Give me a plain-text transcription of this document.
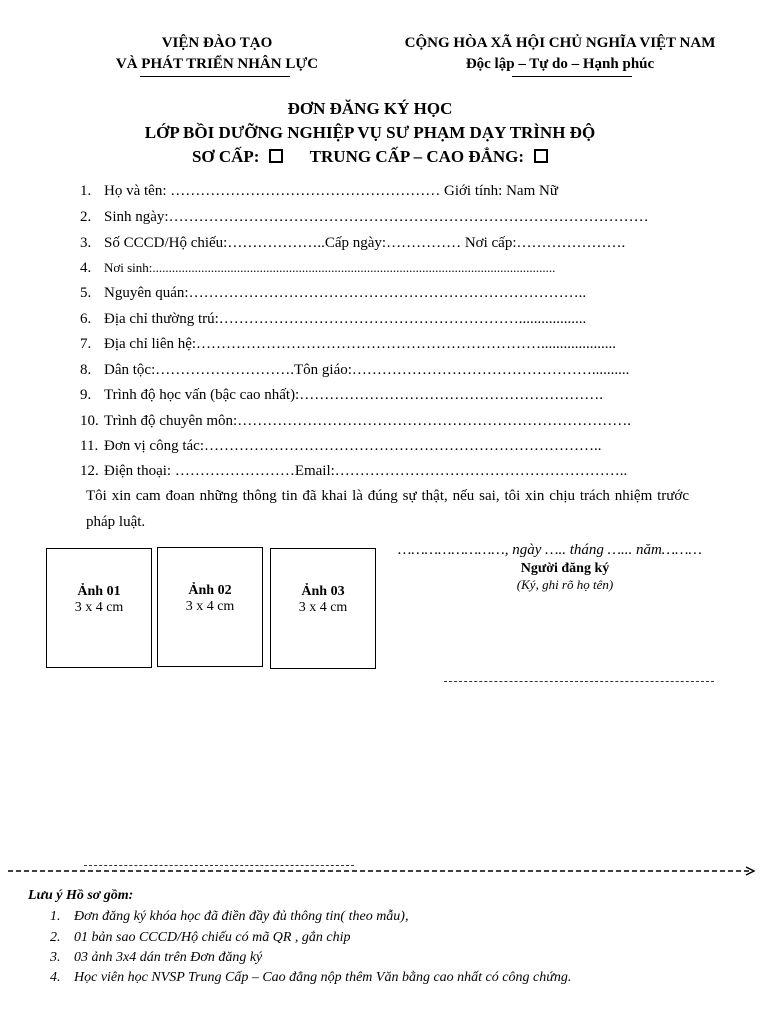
VIỆN ĐÀO TẠO
VÀ PHÁT TRIỂN NHÂN LỰC
CỘNG HÒA XÃ HỘI CHỦ NGHĨA VIỆT NAM
Độc lập – Tự do – Hạnh phúc
ĐƠN ĐĂNG KÝ HỌC
LỚP BỒI DƯỠNG NGHIỆP VỤ SƯ PHẠM DẠY TRÌNH ĐỘ
SƠ CẤP:	TRUNG CẤP – CAO ĐẲNG:
1. Họ và tên: ……………………………………………… Giới tính: Nam Nữ
2. Sinh ngày:……………………………………………………………………………………
3. Số CCCD/Hộ chiếu:………………..Cấp ngày:…………… Nơi cấp:………………….
4. Nơi sinh:............................................................................................................................
5. Nguyên quán:……………………………………………………………………..
6. Địa chỉ thường trú:……………………………………………………..................
7. Địa chỉ liên hệ:……………………………………………………………....................
8. Dân tộc:……………………….Tôn giáo:…………………………………………..........
9. Trình độ học vấn (bậc cao nhất):…………………………………………………….
10. Trình độ chuyên môn:…………………………………………………………………….
11. Đơn vị công tác:……………………………………………………………………..
12. Điện thoại: ……………………Email:…………………………………………………..
Tôi xin cam đoan những thông tin đã khai là đúng sự thật, nếu sai, tôi xin chịu trách nhiệm trước pháp luật.
Ảnh 01
3 x 4 cm
Ảnh 02
3 x 4 cm
Ảnh 03
3 x 4 cm
……………………, ngày ….. tháng …... năm………
Người đăng ký
(Ký, ghi rõ họ tên)
Lưu ý Hồ sơ gồm:
1. Đơn đăng ký khóa học đã điền đầy đủ thông tin( theo mẫu),
2. 01 bản sao CCCD/Hộ chiếu có mã QR , gắn chip
3. 03 ảnh 3x4 dán trên Đơn đăng ký
4. Học viên học NVSP Trung Cấp – Cao đẳng nộp thêm Văn bằng cao nhất có công chứng.
